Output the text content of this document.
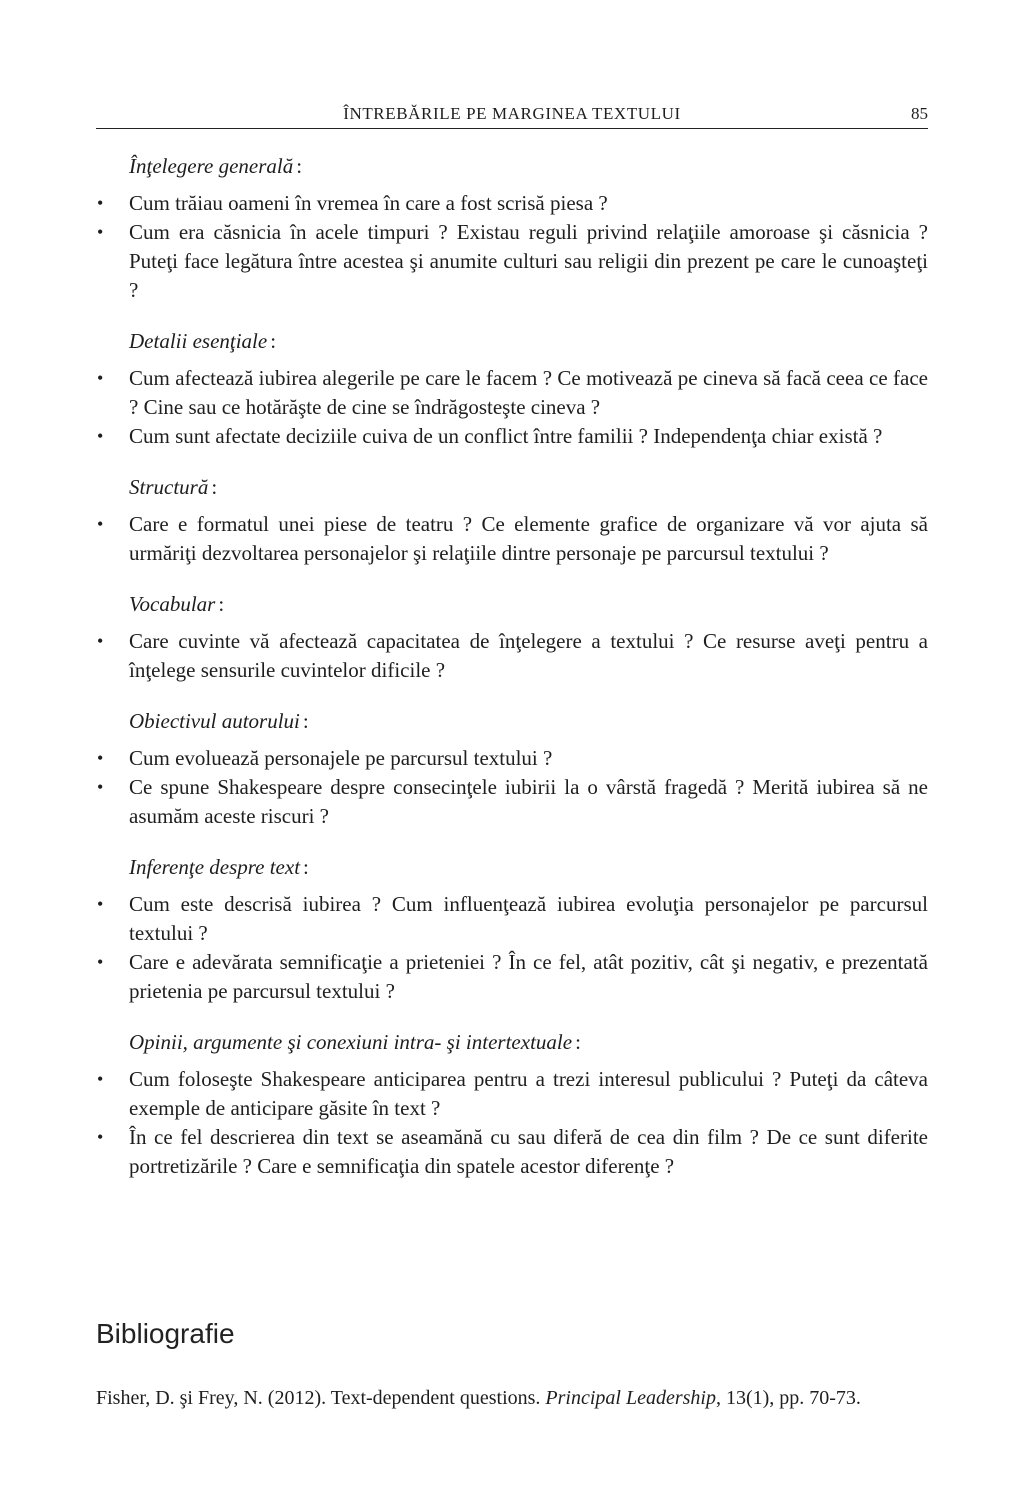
ÎNTREBĂRILE PE MARGINEA TEXTULUI	85
Înţelegere generală :
• Cum trăiau oameni în vremea în care a fost scrisă piesa ?
• Cum era căsnicia în acele timpuri ? Existau reguli privind relaţiile amoroase şi căsnicia ? Puteţi face legătura între acestea şi anumite culturi sau religii din prezent pe care le cunoaşteţi ?
Detalii esenţiale :
• Cum afectează iubirea alegerile pe care le facem ? Ce motivează pe cineva să facă ceea ce face ? Cine sau ce hotărăşte de cine se îndrăgosteşte cineva ?
• Cum sunt afectate deciziile cuiva de un conflict între familii ? Independenţa chiar există ?
Structură :
• Care e formatul unei piese de teatru ? Ce elemente grafice de organizare vă vor ajuta să urmăriţi dezvoltarea personajelor şi relaţiile dintre personaje pe parcursul textului ?
Vocabular :
• Care cuvinte vă afectează capacitatea de înţelegere a textului ? Ce resurse aveţi pentru a înţelege sensurile cuvintelor dificile ?
Obiectivul autorului :
• Cum evoluează personajele pe parcursul textului ?
• Ce spune Shakespeare despre consecinţele iubirii la o vârstă fragedă ? Merită iubirea să ne asumăm aceste riscuri ?
Inferenţe despre text :
• Cum este descrisă iubirea ? Cum influenţează iubirea evoluţia personajelor pe parcursul textului ?
• Care e adevărata semnificaţie a prieteniei ? În ce fel, atât pozitiv, cât şi negativ, e prezentată prietenia pe parcursul textului ?
Opinii, argumente şi conexiuni intra- şi intertextuale :
• Cum foloseşte Shakespeare anticiparea pentru a trezi interesul publicului ? Puteţi da câteva exemple de anticipare găsite în text ?
• În ce fel descrierea din text se aseamănă cu sau diferă de cea din film ? De ce sunt diferite portretizările ? Care e semnificaţia din spatele acestor diferenţe ?
Bibliografie
Fisher, D. şi Frey, N. (2012). Text-dependent questions. Principal Leadership, 13(1), pp. 70-73.
